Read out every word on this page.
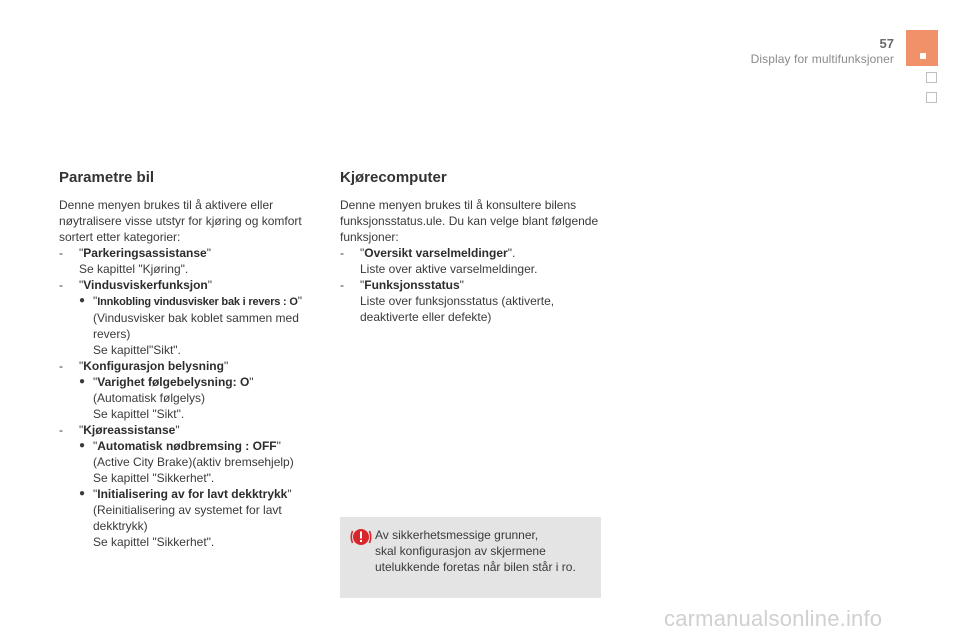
57
Display for multifunksjoner
Parametre bil

Denne menyen brukes til å aktivere eller nøytralisere visse utstyr for kjøring og komfort sortert etter kategorier:

- "Parkeringsassistanse"
Se kapittel "Kjøring".
- "Vindusviskerfunksjon"
● "Innkobling vindusvisker bak i revers : O"
(Vindusvisker bak koblet sammen med revers)
Se kapittel"Sikt".
- "Konfigurasjon belysning"
● "Varighet følgebelysning: O"
(Automatisk følgelys)
Se kapittel "Sikt".
- "Kjøreassistanse"
● "Automatisk nødbremsing : OFF"
(Active City Brake)(aktiv bremsehjelp)
Se kapittel "Sikkerhet".
● "Initialisering av for lavt dekktrykk"
(Reinitialisering av systemet for lavt dekktrykk)
Se kapittel "Sikkerhet".
Kjørecomputer

Denne menyen brukes til å konsultere bilens funksjonsstatus.ule. Du kan velge blant følgende funksjoner:

- "Oversikt varselmeldinger".
Liste over aktive varselmeldinger.
- "Funksjonsstatus"
Liste over funksjonsstatus (aktiverte, deaktiverte eller defekte)
Av sikkerhetsmessige grunner,
skal konfigurasjon av skjermene
utelukkende foretas når bilen står i ro.
carmanualsonline.info
